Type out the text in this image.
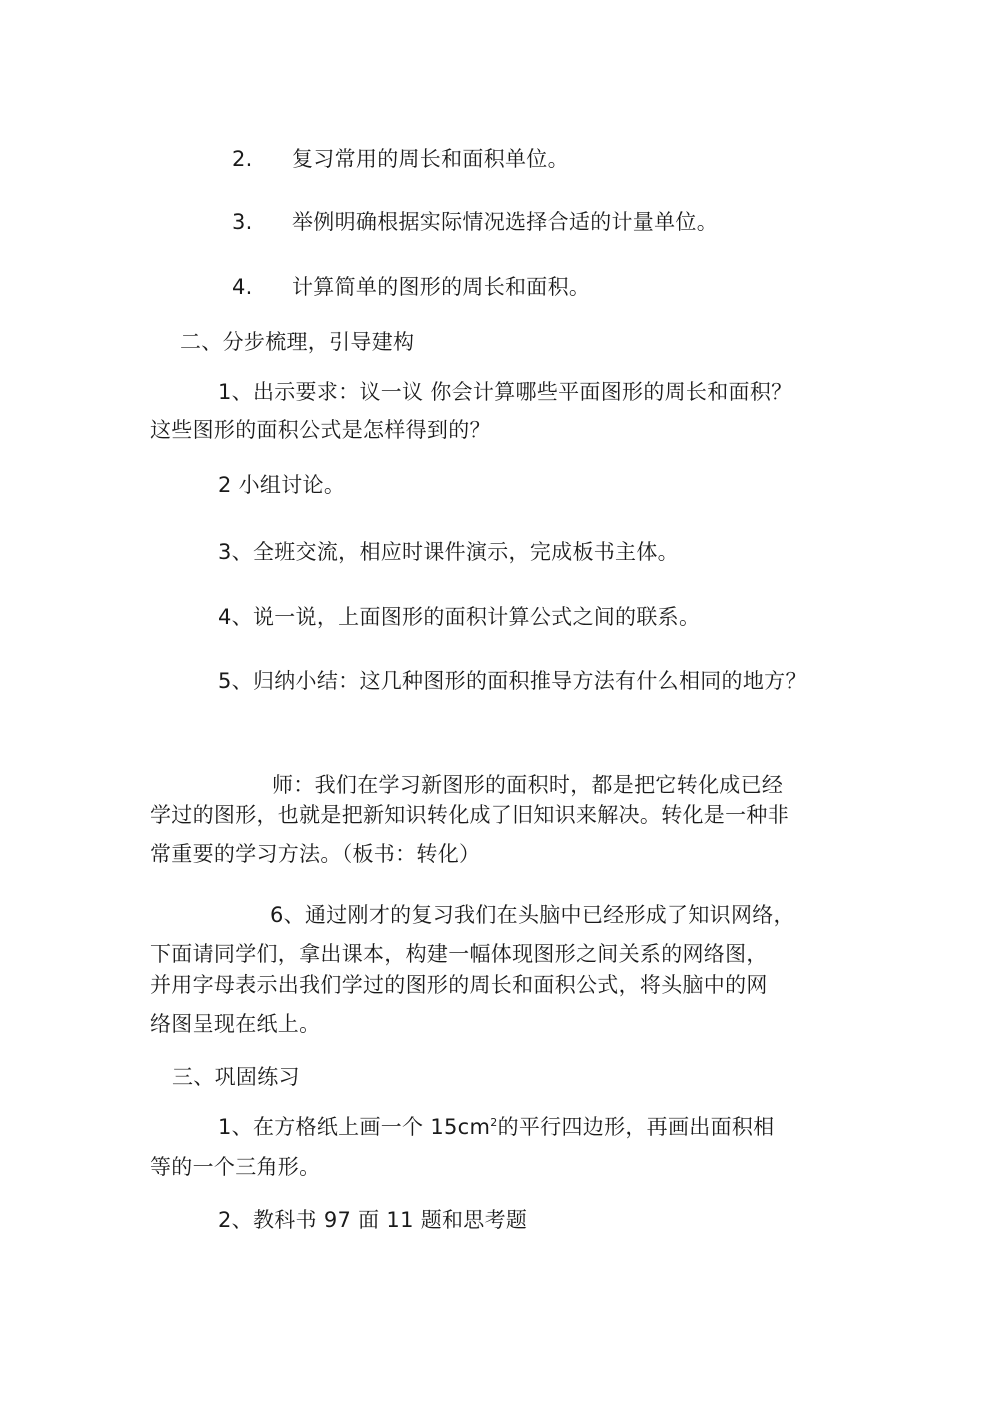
2. 复习常用的周长和面积单位。
3. 举例明确根据实际情况选择合适的计量单位。
4. 计算简单的图形的周长和面积。
二、分步梳理，引导建构
1、出示要求：议一议 你会计算哪些平面图形的周长和面积？
这些图形的面积公式是怎样得到的？
2 小组讨论。
3、全班交流，相应时课件演示，完成板书主体。
4、说一说，上面图形的面积计算公式之间的联系。
5、归纳小结：这几种图形的面积推导方法有什么相同的地方？
师：我们在学习新图形的面积时，都是把它转化成已经
学过的图形，也就是把新知识转化成了旧知识来解决。转化是一种非
常重要的学习方法。（板书：转化）
6、通过刚才的复习我们在头脑中已经形成了知识网络，
下面请同学们，拿出课本，构建一幅体现图形之间关系的网络图，
并用字母表示出我们学过的图形的周长和面积公式，将头脑中的网
络图呈现在纸上。
三、巩固练习
1、在方格纸上画一个 $15cm^2$的平行四边形，再画出面积相
等的一个三角形。
2、教科书 97 面 11 题和思考题
